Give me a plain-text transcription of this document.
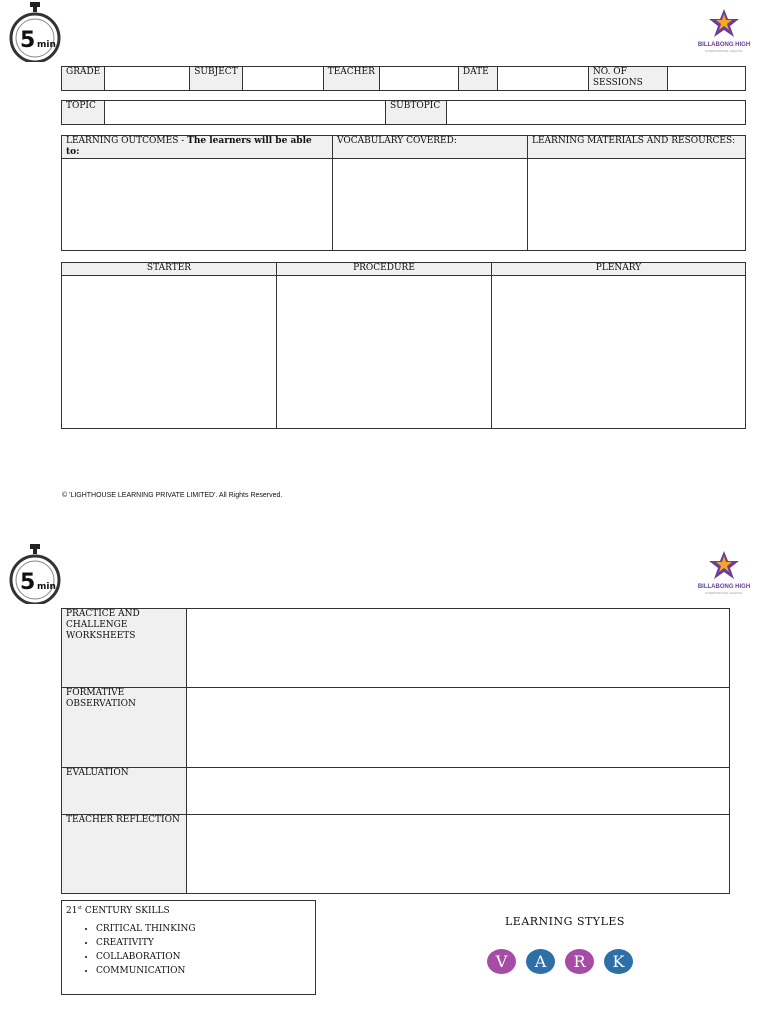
5 min	BILLABONG HIGH
INTERNATIONAL SCHOOL
GRADE		SUBJECT		TEACHER		DATE		NO. OF SESSIONS	
TOPIC		SUBTOPIC	
LEARNING OUTCOMES - The learners will be able to:	VOCABULARY COVERED:	LEARNING MATERIALS AND RESOURCES:

STARTER	PROCEDURE	PLENARY

© 'LIGHTHOUSE LEARNING PRIVATE LIMITED'. All Rights Reserved.
5 min	BILLABONG HIGH
INTERNATIONAL SCHOOL
PRACTICE AND CHALLENGE WORKSHEETS	
FORMATIVE OBSERVATION	
EVALUATION	
TEACHER REFLECTION	
21st CENTURY SKILLS
• CRITICAL THINKING
• CREATIVITY
• COLLABORATION
• COMMUNICATION
LEARNING STYLES
V	A	R	K
